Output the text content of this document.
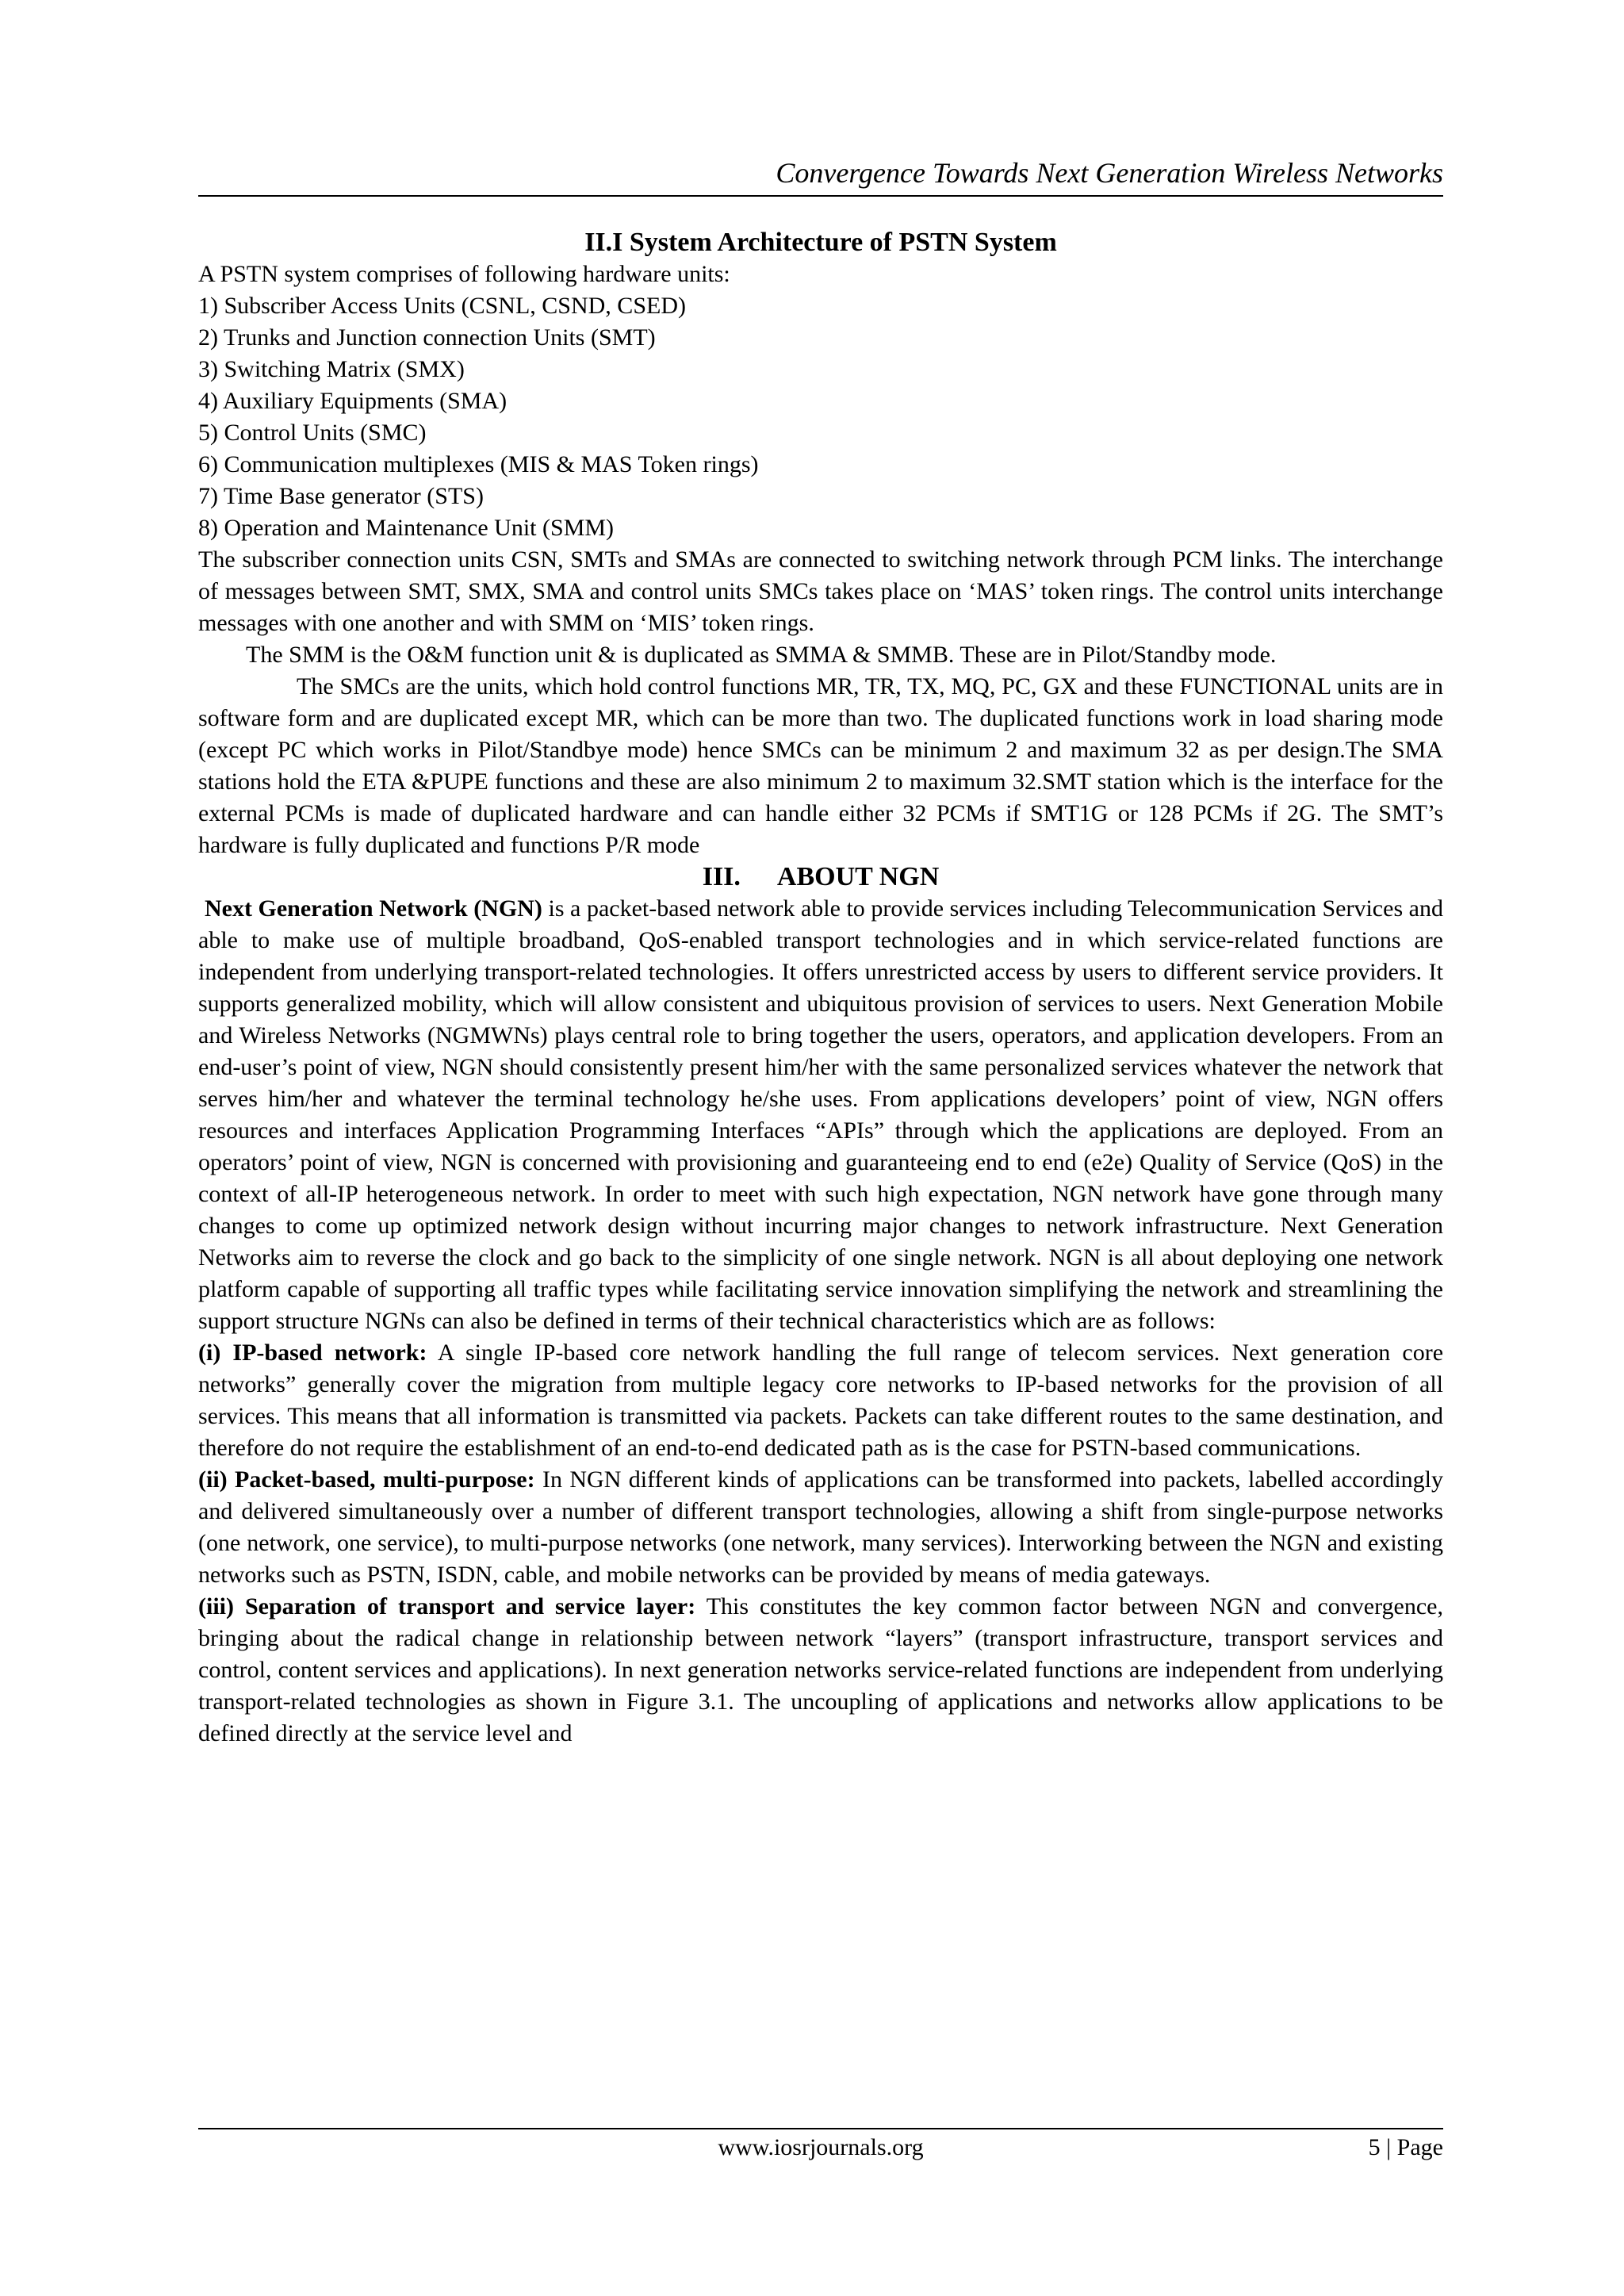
Convergence Towards Next Generation Wireless Networks
II.I System Architecture of PSTN System
A PSTN system comprises of following hardware units:
1) Subscriber Access Units (CSNL, CSND, CSED)
2) Trunks and Junction connection Units (SMT)
3) Switching Matrix (SMX)
4) Auxiliary Equipments (SMA)
5) Control Units (SMC)
6) Communication multiplexes (MIS & MAS Token rings)
7) Time Base generator (STS)
8) Operation and Maintenance Unit (SMM)

The subscriber connection units CSN, SMTs and SMAs are connected to switching network through PCM links. The interchange of messages between SMT, SMX, SMA and control units SMCs takes place on ‘MAS’ token rings. The control units interchange messages with one another and with SMM on ‘MIS’ token rings.

The SMM is the O&M function unit & is duplicated as SMMA & SMMB. These are in Pilot/Standby mode.

The SMCs are the units, which hold control functions MR, TR, TX, MQ, PC, GX and these FUNCTIONAL units are in software form and are duplicated except MR, which can be more than two. The duplicated functions work in load sharing mode (except PC which works in Pilot/Standbye mode) hence SMCs can be minimum 2 and maximum 32 as per design.The SMA stations hold the ETA &PUPE functions and these are also minimum 2 to maximum 32.SMT station which is the interface for the external PCMs is made of duplicated hardware and can handle either 32 PCMs if SMT1G or 128 PCMs if 2G. The SMT’s hardware is fully duplicated and functions P/R mode

III. ABOUT NGN

Next Generation Network (NGN) is a packet-based network able to provide services including Telecommunication Services and able to make use of multiple broadband, QoS-enabled transport technologies and in which service-related functions are independent from underlying transport-related technologies. It offers unrestricted access by users to different service providers. It supports generalized mobility, which will allow consistent and ubiquitous provision of services to users. Next Generation Mobile and Wireless Networks (NGMWNs) plays central role to bring together the users, operators, and application developers. From an end-user’s point of view, NGN should consistently present him/her with the same personalized services whatever the network that serves him/her and whatever the terminal technology he/she uses. From applications developers’ point of view, NGN offers resources and interfaces Application Programming Interfaces “APIs” through which the applications are deployed. From an operators’ point of view, NGN is concerned with provisioning and guaranteeing end to end (e2e) Quality of Service (QoS) in the context of all-IP heterogeneous network. In order to meet with such high expectation, NGN network have gone through many changes to come up optimized network design without incurring major changes to network infrastructure. Next Generation Networks aim to reverse the clock and go back to the simplicity of one single network. NGN is all about deploying one network platform capable of supporting all traffic types while facilitating service innovation simplifying the network and streamlining the support structure NGNs can also be defined in terms of their technical characteristics which are as follows:

(i) IP-based network: A single IP-based core network handling the full range of telecom services. Next generation core networks” generally cover the migration from multiple legacy core networks to IP-based networks for the provision of all services. This means that all information is transmitted via packets. Packets can take different routes to the same destination, and therefore do not require the establishment of an end-to-end dedicated path as is the case for PSTN-based communications.

(ii) Packet-based, multi-purpose: In NGN different kinds of applications can be transformed into packets, labelled accordingly and delivered simultaneously over a number of different transport technologies, allowing a shift from single-purpose networks (one network, one service), to multi-purpose networks (one network, many services). Interworking between the NGN and existing networks such as PSTN, ISDN, cable, and mobile networks can be provided by means of media gateways.

(iii) Separation of transport and service layer: This constitutes the key common factor between NGN and convergence, bringing about the radical change in relationship between network “layers” (transport infrastructure, transport services and control, content services and applications). In next generation networks service-related functions are independent from underlying transport-related technologies as shown in Figure 3.1. The uncoupling of applications and networks allow applications to be defined directly at the service level and

www.iosrjournals.org	5 | Page
